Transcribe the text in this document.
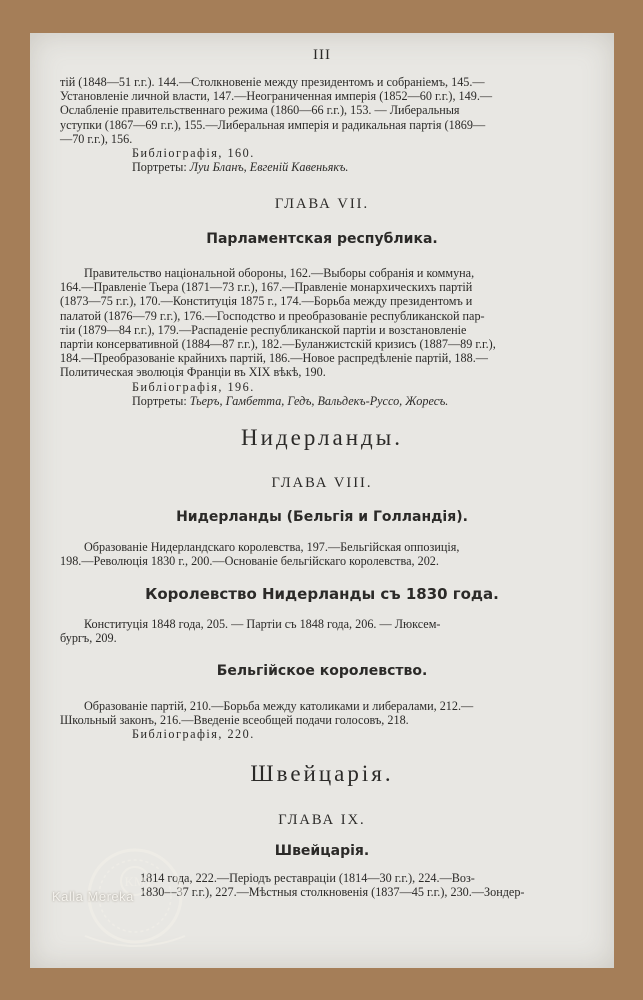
III

тій (1848—51 г.г.). 144.—Столкновеніе между президентомъ и собраніемъ, 145.—

Установленіе личной власти, 147.—Неограниченная имперія (1852—60 г.г.), 149.—

Ослабленіе правительственнаго режима (1860—66 г.г.), 153. — Либеральныя

уступки (1867—69 г.г.), 155.—Либеральная имперія и радикальная партія (1869—

—70 г.г.), 156.

Библіографія, 160.

Портреты: Луи Бланъ, Евгеній Кавеньякъ.

ГЛАВА VII.
Парламентская республика.

Правительство національной обороны, 162.—Выборы собранія и коммуна,

164.—Правленіе Тьера (1871—73 г.г.), 167.—Правленіе монархическихъ партій

(1873—75 г.г.), 170.—Конституція 1875 г., 174.—Борьба между президентомъ и

палатой (1876—79 г.г.), 176.—Господство и преобразованіе республиканской пар-

тіи (1879—84 г.г.), 179.—Распаденіе республиканской партіи и возстановленіе

партіи консервативной (1884—87 г.г.), 182.—Буланжистскій кризисъ (1887—89 г.г.),

184.—Преобразованіе крайнихъ партій, 186.—Новое распредѣленіе партій, 188.—

Политическая эволюція Франціи въ XIX вѣкѣ, 190.

Библіографія, 196.

Портреты: Тьеръ, Гамбетта, Гедъ, Вальдекъ-Руссо, Жоресъ.

Нидерланды.
ГЛАВА VIII.
Нидерланды (Бельгія и Голландія).

Образованіе Нидерландскаго королевства, 197.—Бельгійская оппозиція,

198.—Революція 1830 г., 200.—Основаніе бельгійскаго королевства, 202.

Королевство Нидерланды съ 1830 года.

Конституція 1848 года, 205. — Партіи съ 1848 года, 206. — Люксем-

бургъ, 209.

Бельгійское королевство.

Образованіе партій, 210.—Борьба между католиками и либералами, 212.—

Школьный законъ, 216.—Введеніе всеобщей подачи голосовъ, 218.

Библіографія, 220.

Швейцарія.
ГЛАВА IX.
Швейцарія.

1814 года, 222.—Періодъ реставраціи (1814—30 г.г.), 224.—Воз-

1830—37 г.г.), 227.—Мѣстныя столкновенія (1837—45 г.г.), 230.—Зондер-

KM
Kalla Mereka
